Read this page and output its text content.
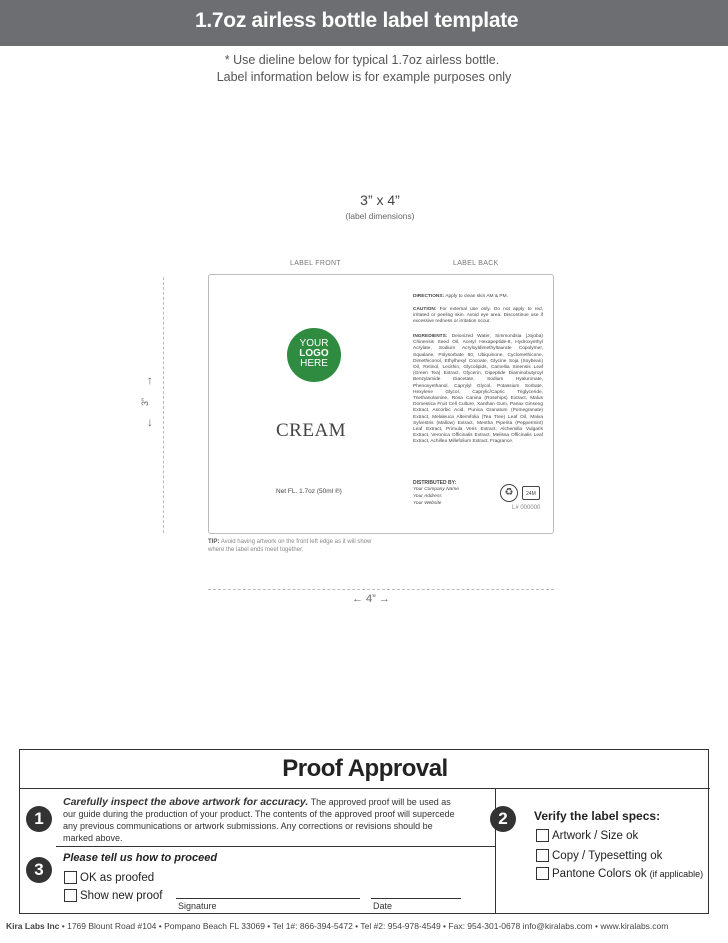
1.7oz airless bottle label template
* Use dieline below for typical 1.7oz airless bottle.
Label information below is for example purposes only
3” x 4”
(label dimensions)
LABEL FRONT	LABEL BACK
YOUR
LOGO
HERE
CREAM
Net FL. 1.7oz (50ml ℗)
DIRECTIONS: Apply to clean skin AM & PM.
CAUTION: For external use only. Do not apply to red, irritated or peeling skin. Avoid eye area. Discontinue use if excessive redness or irritation occur.
INGREDIENTS: Deionized Water, Simmondsia (Jojoba) Chinensis Seed Oil, Acetyl Hexapeptide-8, Hydroxyethyl Acrylate, Sodium Acryloyldimethyltaurate Copolymer, Squalane, Polysorbate 60, Ubiquinone, Cyclomethicone, Dimethiconol, Ethylhexyl Cocoate, Glycine Soja (Soybean) Oil, Retinol, Lecithin, Glycolipids, Camellia Sinensis Leaf (Green Tea) Extract, Glycerin, Dipeptide Diaminobutyroyl Benzylamide Diacetate, Sodium Hyaluronate, Phenoxyethanol, Caprylyl Glycol, Potassium Sorbate, Hexylene Glycol, Caprylic/Capric Triglyceride, Triethanolamine, Rosa Canina (Rosehips) Extract, Malus Domestica Fruit Cell Culture, Xanthan Gum, Panax Ginseng Extract, Ascorbic Acid, Punica Granatum (Pomegranate) Extract, Melaleuca Alternifolia (Tea Tree) Leaf Oil, Malva Sylvestris (Mallow) Extract, Mentha Piperita (Peppermint) Leaf Extract, Primula Veris Extract, Alchemilla Vulgaris Extract, Veronica Officinalis Extract, Melissa Officinalis Leaf Extract, Achillea Millefolium Extract, Fragrance.
DISTRIBUTED BY:
Your Company Name
Your Address
Your Website
♻	24M
L# 000000
TIP: Avoid having artwork on the front left edge as it will show where the label ends meet together.
↑
3”
↓
← 4” →
Proof Approval
1
Carefully inspect the above artwork for accuracy. The approved proof will be used as our guide during the production of your product. The contents of the approved proof will supercede any previous communications or artwork submissions. Any corrections or revisions should be marked above.
2	Verify the label specs:
Artwork / Size ok
Copy / Typesetting ok
Pantone Colors ok (if applicable)
3
Please tell us how to proceed
OK as proofed
Show new proof
Signature	Date
Kira Labs Inc • 1769 Blount Road #104 • Pompano Beach FL 33069 • Tel 1#: 866-394-5472 • Tel #2: 954-978-4549 • Fax: 954-301-0678 info@kiralabs.com • www.kiralabs.com
